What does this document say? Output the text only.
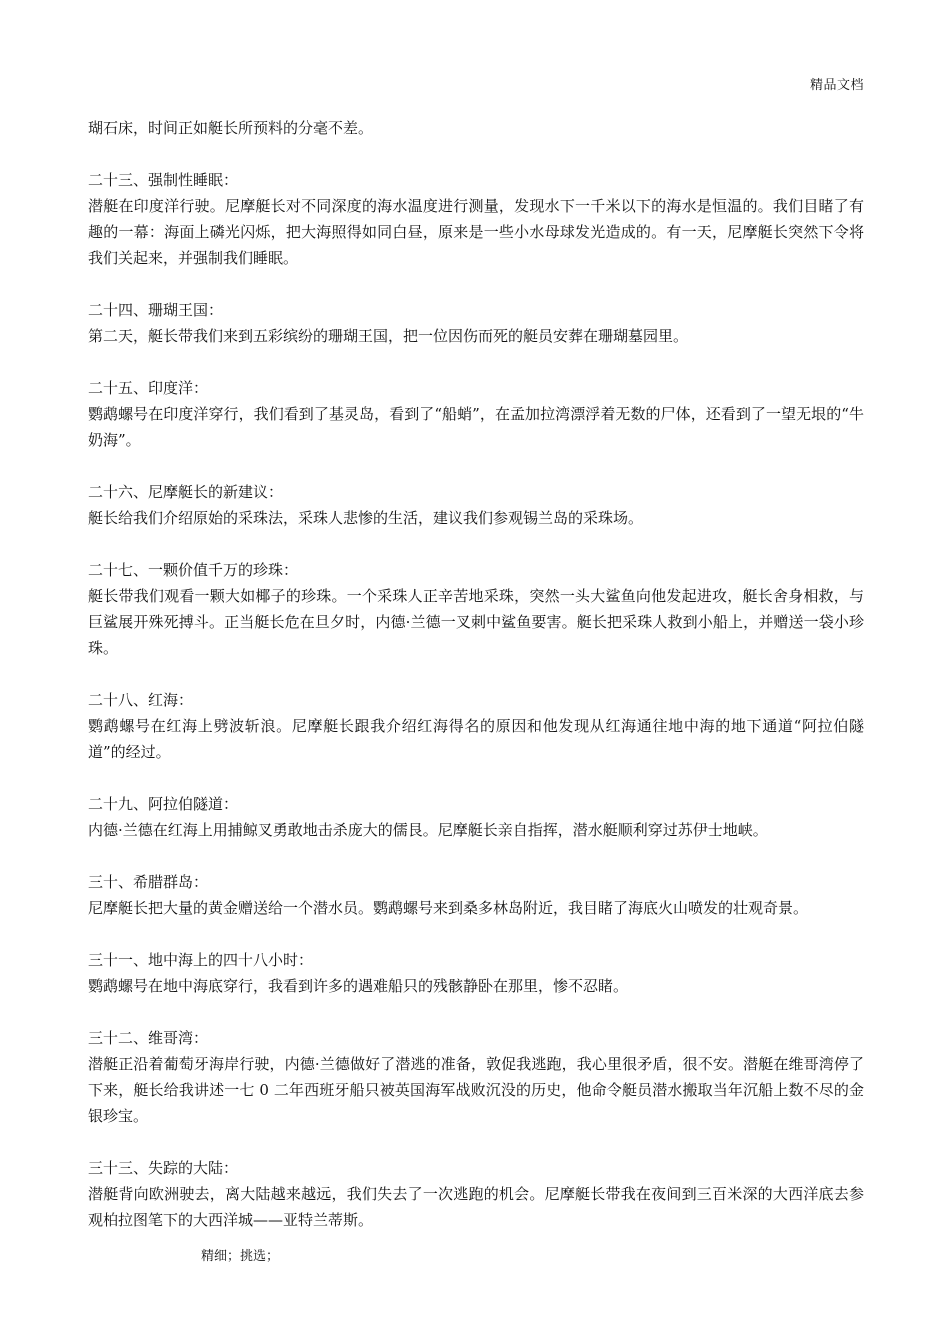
精品文档

瑚石床，时间正如艇长所预料的分毫不差。

二十三、强制性睡眠：

潜艇在印度洋行驶。尼摩艇长对不同深度的海水温度进行测量，发现水下一千米以下的海水是恒温的。我们目睹了有趣的一幕：海面上磷光闪烁，把大海照得如同白昼，原来是一些小水母球发光造成的。有一天，尼摩艇长突然下令将我们关起来，并强制我们睡眠。

二十四、珊瑚王国：

第二天，艇长带我们来到五彩缤纷的珊瑚王国，把一位因伤而死的艇员安葬在珊瑚墓园里。

二十五、印度洋：

鹦鹉螺号在印度洋穿行，我们看到了基灵岛，看到了“船蛸”，在孟加拉湾漂浮着无数的尸体，还看到了一望无垠的“牛奶海”。

二十六、尼摩艇长的新建议：

艇长给我们介绍原始的采珠法，采珠人悲惨的生活，建议我们参观锡兰岛的采珠场。

二十七、一颗价值千万的珍珠：

艇长带我们观看一颗大如椰子的珍珠。一个采珠人正辛苦地采珠，突然一头大鲨鱼向他发起进攻，艇长舍身相救，与巨鲨展开殊死搏斗。正当艇长危在旦夕时，内德·兰德一叉刺中鲨鱼要害。艇长把采珠人救到小船上，并赠送一袋小珍珠。

二十八、红海：

鹦鹉螺号在红海上劈波斩浪。尼摩艇长跟我介绍红海得名的原因和他发现从红海通往地中海的地下通道“阿拉伯隧道”的经过。

二十九、阿拉伯隧道：

内德·兰德在红海上用捕鲸叉勇敢地击杀庞大的儒艮。尼摩艇长亲自指挥，潜水艇顺利穿过苏伊士地峡。

三十、希腊群岛：

尼摩艇长把大量的黄金赠送给一个潜水员。鹦鹉螺号来到桑多林岛附近，我目睹了海底火山喷发的壮观奇景。

三十一、地中海上的四十八小时：

鹦鹉螺号在地中海底穿行，我看到许多的遇难船只的残骸静卧在那里，惨不忍睹。

三十二、维哥湾：

潜艇正沿着葡萄牙海岸行驶，内德·兰德做好了潜逃的准备，敦促我逃跑，我心里很矛盾，很不安。潜艇在维哥湾停了下来，艇长给我讲述一七 0 二年西班牙船只被英国海军战败沉没的历史，他命令艇员潜水搬取当年沉船上数不尽的金银珍宝。

三十三、失踪的大陆：

潜艇背向欧洲驶去，离大陆越来越远，我们失去了一次逃跑的机会。尼摩艇长带我在夜间到三百米深的大西洋底去参观柏拉图笔下的大西洋城——亚特兰蒂斯。

精细；挑选；
